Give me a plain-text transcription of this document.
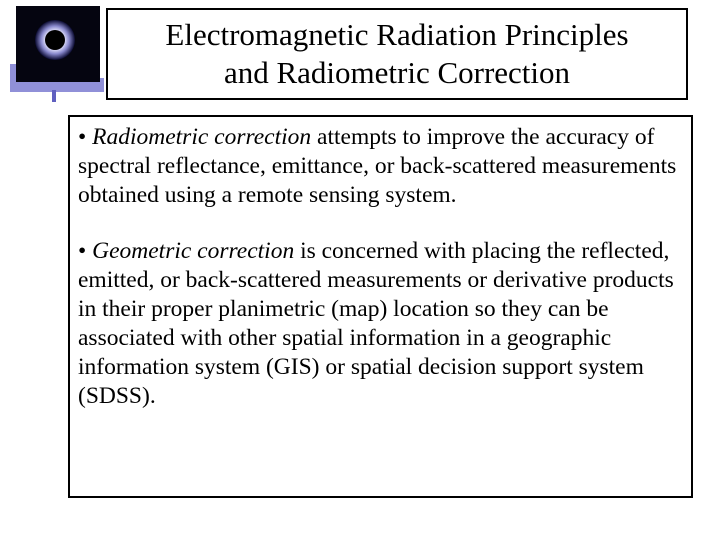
Electromagnetic Radiation Principles
and Radiometric Correction

• Radiometric correction attempts to improve the accuracy of spectral reflectance, emittance, or back-scattered measurements obtained using a remote sensing system.

• Geometric correction is concerned with placing the reflected, emitted, or back-scattered measurements or derivative products in their proper planimetric (map) location so they can be associated with other spatial information in a geographic information system (GIS) or spatial decision support system (SDSS).
